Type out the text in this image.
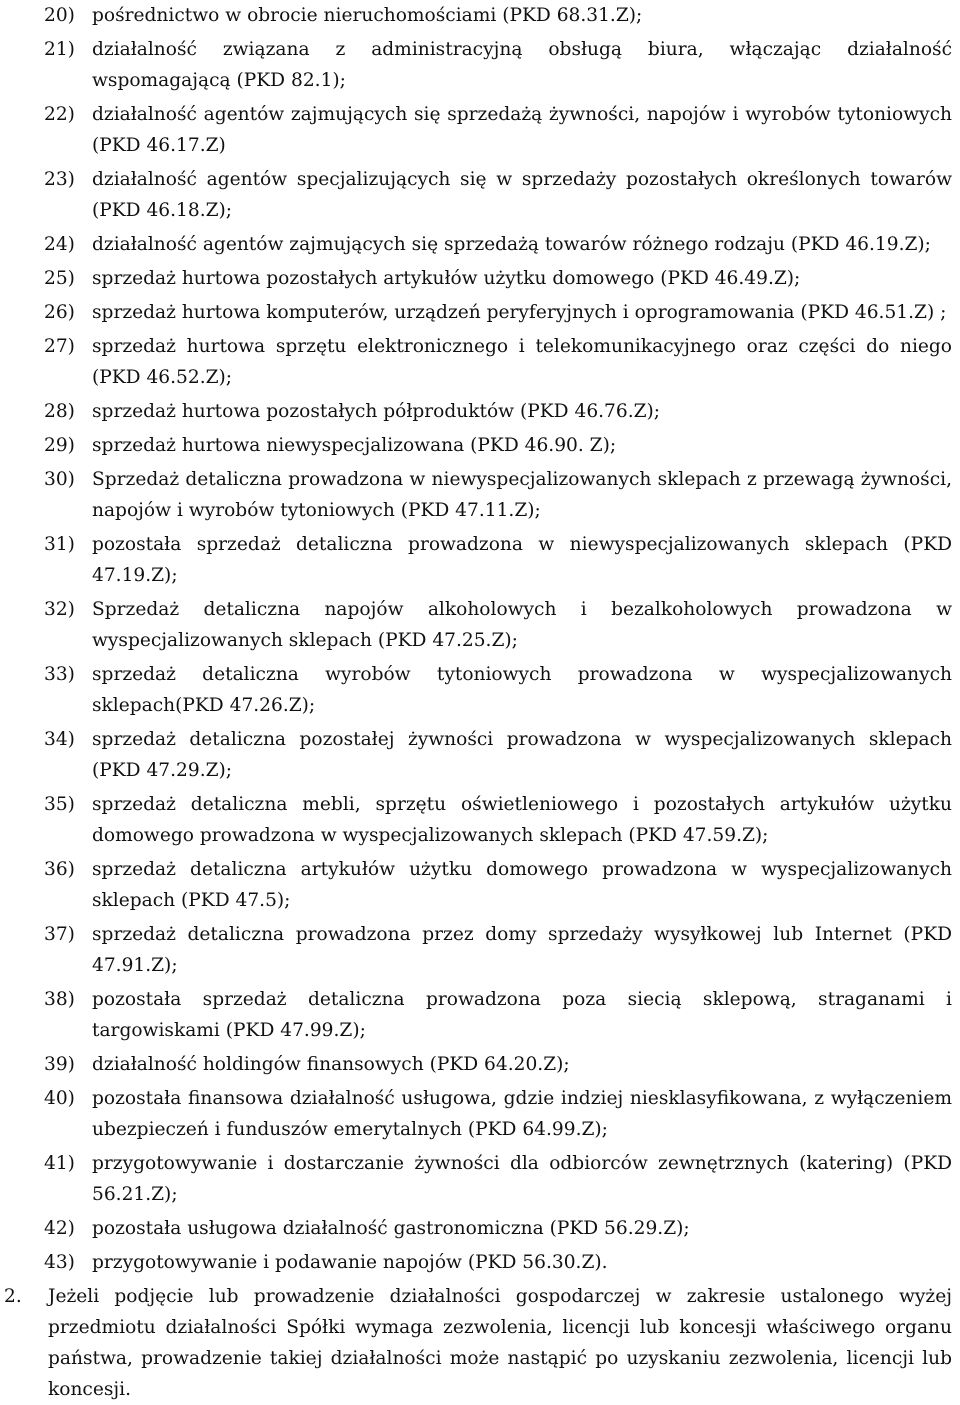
20) pośrednictwo w obrocie nieruchomościami (PKD 68.31.Z);
21) działalność związana z administracyjną obsługą biura, włączając działalność wspomagającą (PKD 82.1);
22) działalność agentów zajmujących się sprzedażą żywności, napojów i wyrobów tytoniowych (PKD 46.17.Z)
23) działalność agentów specjalizujących się w sprzedaży pozostałych określonych towarów (PKD 46.18.Z);
24) działalność agentów zajmujących się sprzedażą towarów różnego rodzaju (PKD 46.19.Z);
25) sprzedaż hurtowa pozostałych artykułów użytku domowego (PKD 46.49.Z);
26) sprzedaż hurtowa komputerów, urządzeń peryferyjnych i oprogramowania (PKD 46.51.Z) ;
27) sprzedaż hurtowa sprzętu elektronicznego i telekomunikacyjnego oraz części do niego (PKD 46.52.Z);
28) sprzedaż hurtowa pozostałych półproduktów (PKD 46.76.Z);
29) sprzedaż hurtowa niewyspecjalizowana (PKD 46.90. Z);
30) Sprzedaż detaliczna prowadzona w niewyspecjalizowanych sklepach z przewagą żywności, napojów i wyrobów tytoniowych (PKD 47.11.Z);
31) pozostała sprzedaż detaliczna prowadzona w niewyspecjalizowanych sklepach (PKD 47.19.Z);
32) Sprzedaż detaliczna napojów alkoholowych i bezalkoholowych prowadzona w wyspecjalizowanych sklepach (PKD 47.25.Z);
33) sprzedaż detaliczna wyrobów tytoniowych prowadzona w wyspecjalizowanych sklepach(PKD 47.26.Z);
34) sprzedaż detaliczna pozostałej żywności prowadzona w wyspecjalizowanych sklepach (PKD 47.29.Z);
35) sprzedaż detaliczna mebli, sprzętu oświetleniowego i pozostałych artykułów użytku domowego prowadzona w wyspecjalizowanych sklepach (PKD 47.59.Z);
36) sprzedaż detaliczna artykułów użytku domowego prowadzona w wyspecjalizowanych sklepach (PKD 47.5);
37) sprzedaż detaliczna prowadzona przez domy sprzedaży wysyłkowej lub Internet (PKD 47.91.Z);
38) pozostała sprzedaż detaliczna prowadzona poza siecią sklepową, straganami i targowiskami (PKD 47.99.Z);
39) działalność holdingów finansowych (PKD 64.20.Z);
40) pozostała finansowa działalność usługowa, gdzie indziej niesklasyfikowana, z wyłączeniem ubezpieczeń i funduszów emerytalnych (PKD 64.99.Z);
41) przygotowywanie i dostarczanie żywności dla odbiorców zewnętrznych (katering) (PKD 56.21.Z);
42) pozostała usługowa działalność gastronomiczna (PKD 56.29.Z);
43) przygotowywanie i podawanie napojów (PKD 56.30.Z).
2.	Jeżeli podjęcie lub prowadzenie działalności gospodarczej w zakresie ustalonego wyżej przedmiotu działalności Spółki wymaga zezwolenia, licencji lub koncesji właściwego organu państwa, prowadzenie takiej działalności może nastąpić po uzyskaniu zezwolenia, licencji lub koncesji.
